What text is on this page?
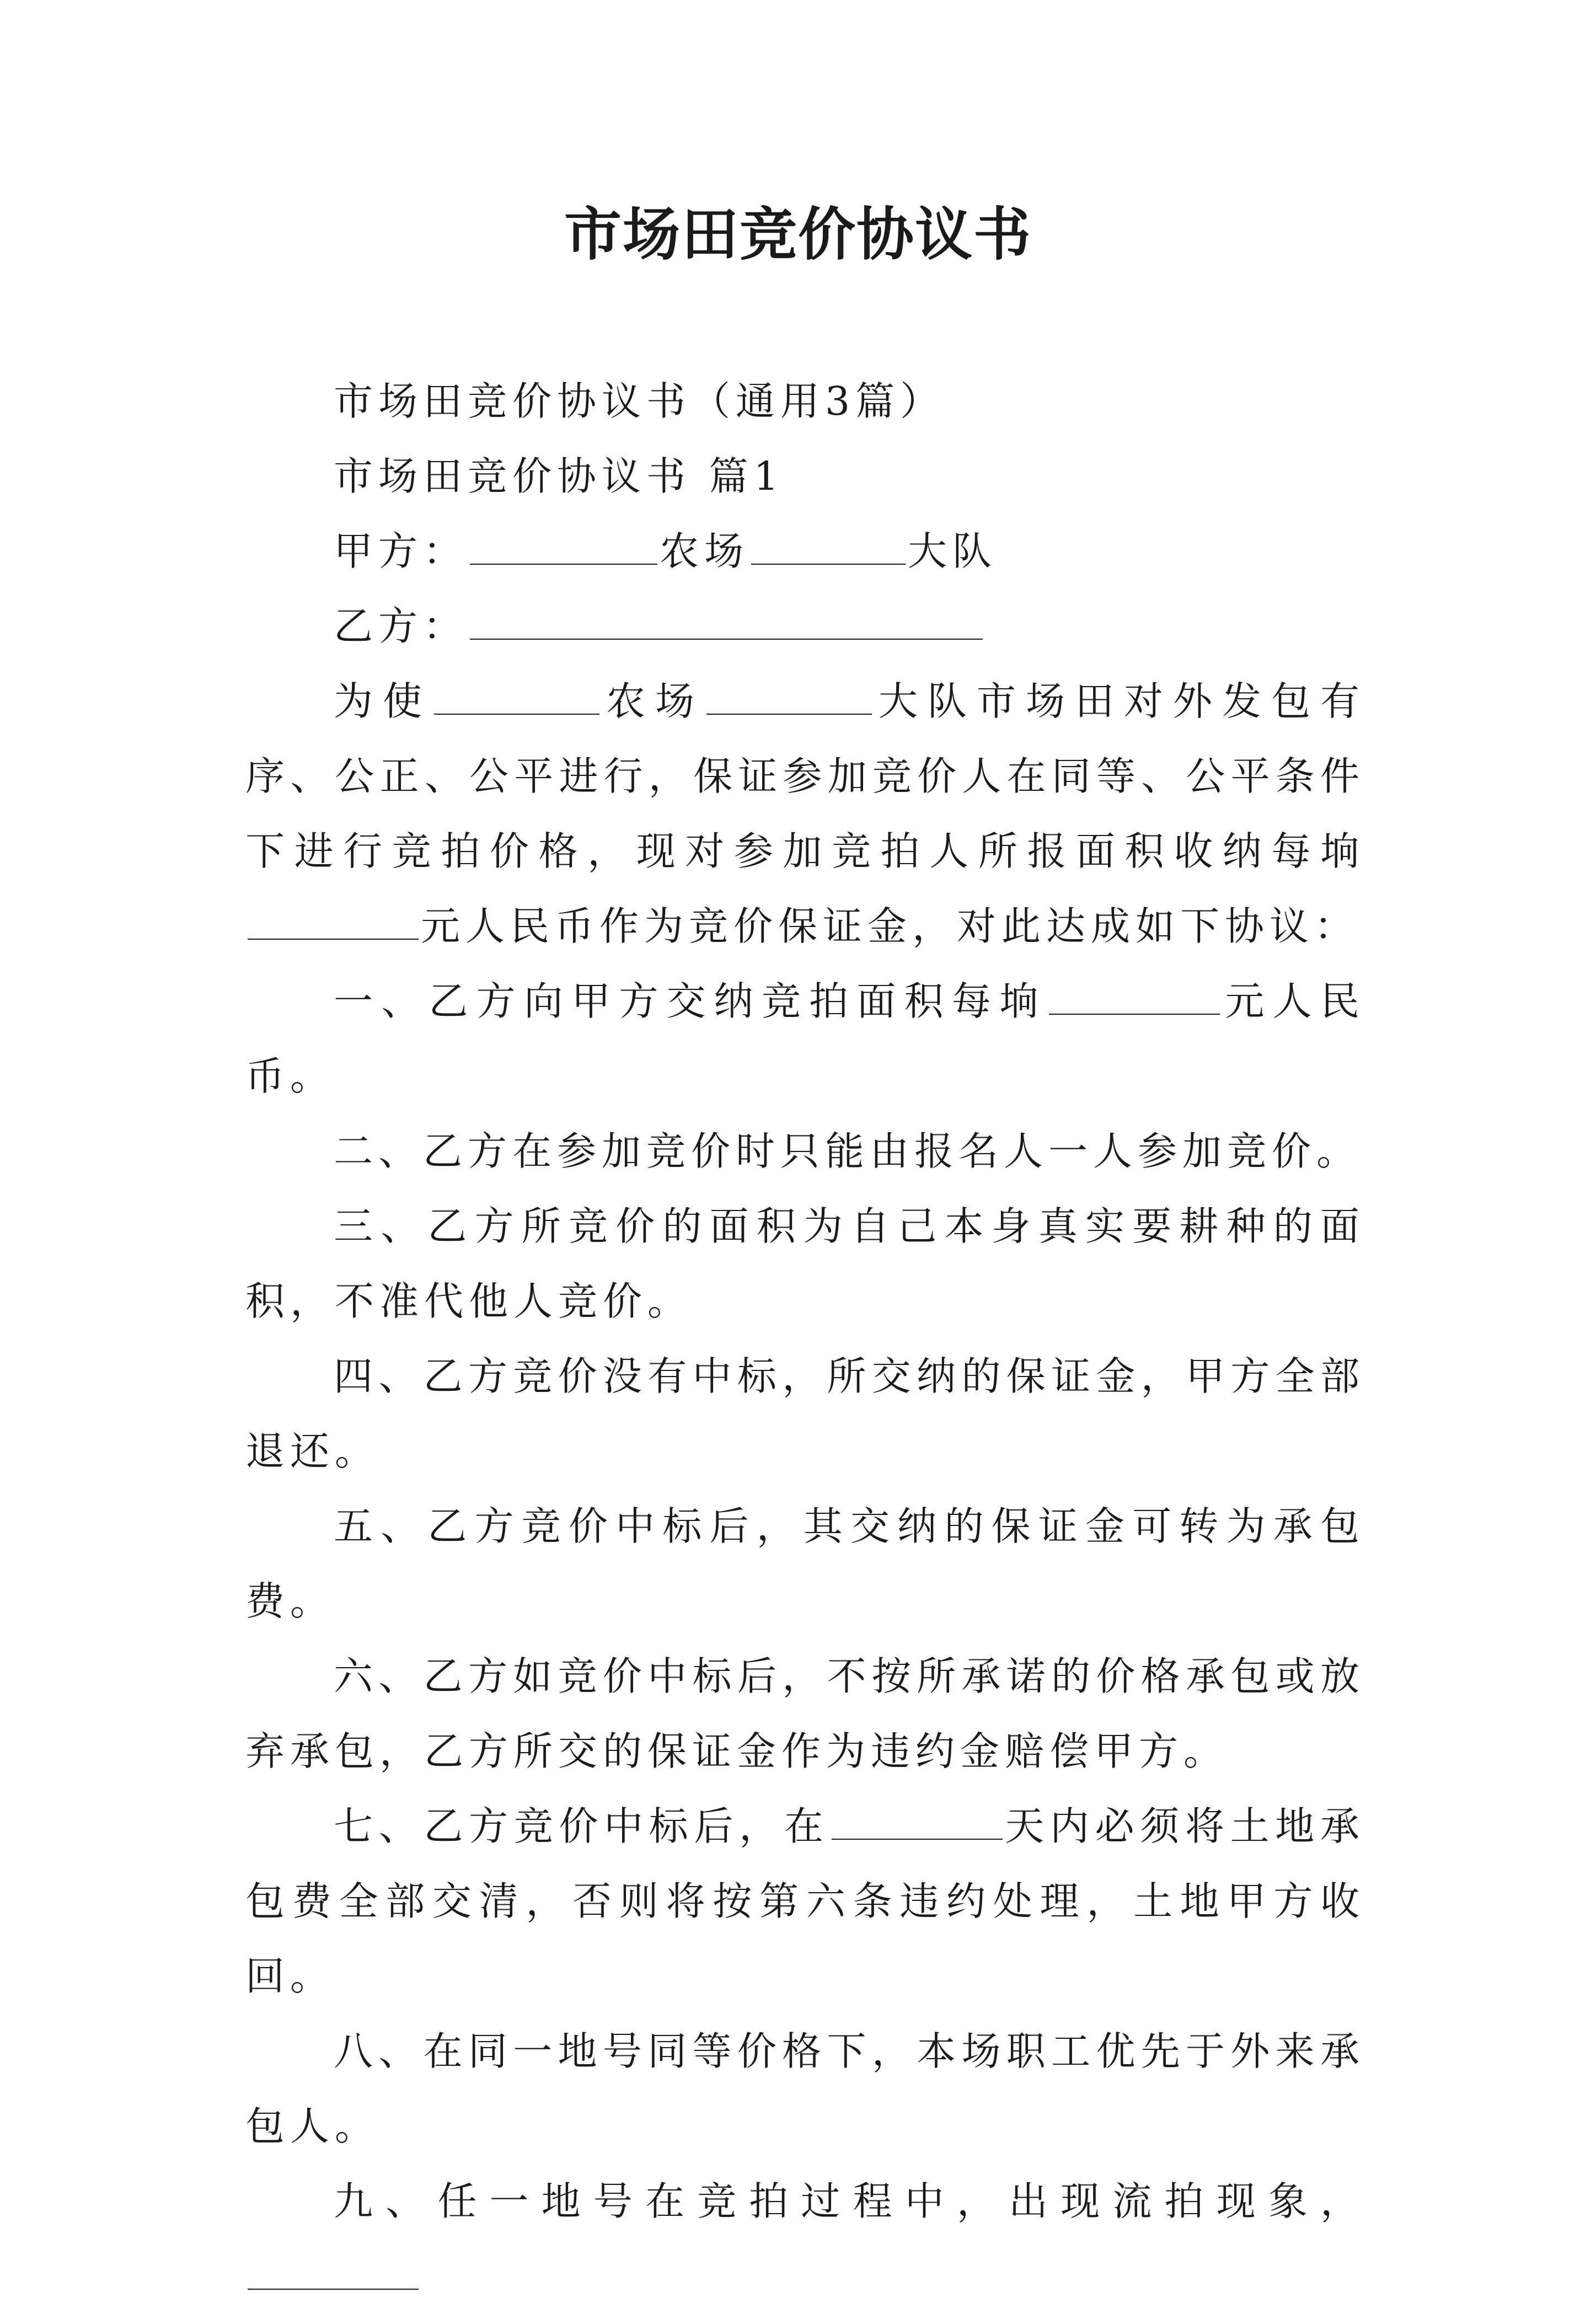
市场田竞价协议书

市场田竞价协议书（通用3篇）

市场田竞价协议书 篇1

甲方：	农场	大队

乙方：

为使	农场	大队市场田对外发包有序、公正、公平进行，保证参加竞价人在同等、公平条件下进行竞拍价格，现对参加竞拍人所报面积收纳每垧元人民币作为竞价保证金，对此达成如下协议：

一、乙方向甲方交纳竞拍面积每垧	元人民币。

二、乙方在参加竞价时只能由报名人一人参加竞价。

三、乙方所竞价的面积为自己本身真实要耕种的面积，不准代他人竞价。

四、乙方竞价没有中标，所交纳的保证金，甲方全部退还。

五、乙方竞价中标后，其交纳的保证金可转为承包费。

六、乙方如竞价中标后，不按所承诺的价格承包或放弃承包，乙方所交的保证金作为违约金赔偿甲方。

七、乙方竞价中标后，在	天内必须将土地承包费全部交清，否则将按第六条违约处理，土地甲方收回。

八、在同一地号同等价格下，本场职工优先于外来承包人。

九、任一地号在竞拍过程中，出现流拍现象，
